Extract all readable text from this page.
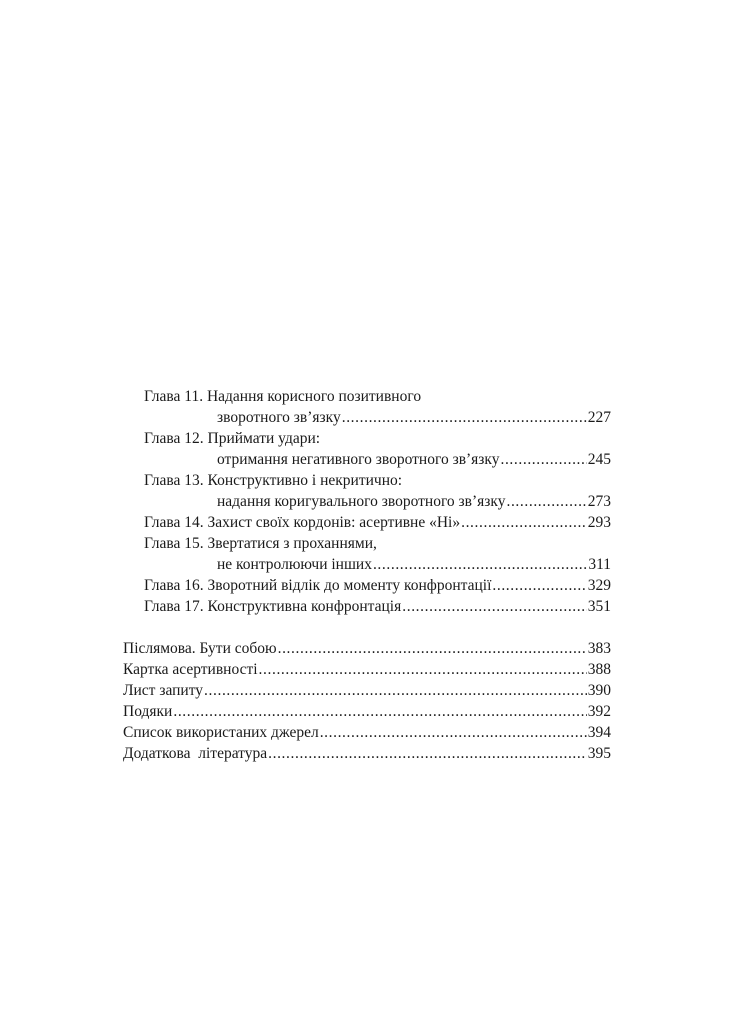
Глава 11. Надання корисного позитивного
зворотного зв’язку .....	227
Глава 12. Приймати удари:
отримання негативного зворотного зв’язку .....	245
Глава 13. Конструктивно і некритично:
надання коригувального зворотного зв’язку .....	273
Глава 14. Захист своїх кордонів: асертивне «Ні» .....	293
Глава 15. Звертатися з проханнями,
не контролюючи інших .....	311
Глава 16. Зворотний відлік до моменту конфронтації .....	329
Глава 17. Конструктивна конфронтація .....	351
Післямова. Бути собою .....	383
Картка асертивності .....	388
Лист запиту .....	390
Подяки .....	392
Список використаних джерел .....	394
Додаткова  література .....	395
